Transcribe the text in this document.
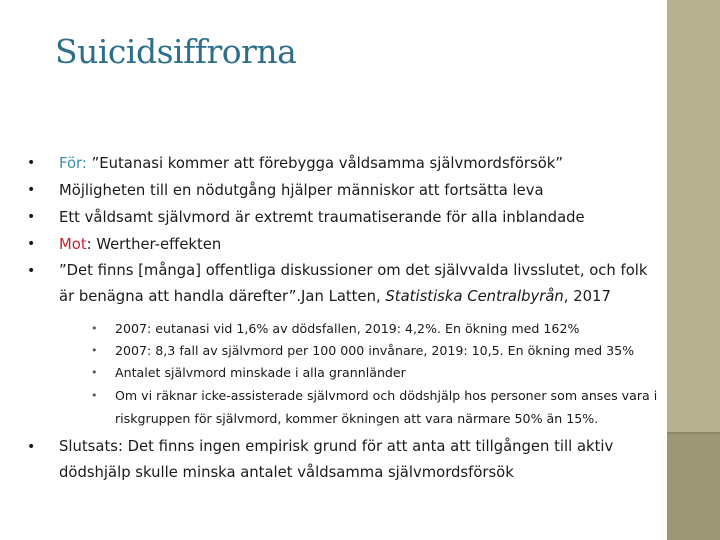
Suicidsiffrorna
• För: ”Eutanasi kommer att förebygga våldsamma självmordsförsök”
• Möjligheten till en nödutgång hjälper människor att fortsätta leva
• Ett våldsamt självmord är extremt traumatiserande för alla inblandade
• Mot: Werther-effekten
• ”Det finns [många] offentliga diskussioner om det självvalda livsslutet, och folk är benägna att handla därefter”.Jan Latten, Statistiska Centralbyrån, 2017
• 2007: eutanasi vid 1,6% av dödsfallen, 2019: 4,2%. En ökning med 162%
• 2007: 8,3 fall av självmord per 100 000 invånare, 2019: 10,5. En ökning med 35%
• Antalet självmord minskade i alla grannländer
• Om vi räknar icke-assisterade självmord och dödshjälp hos personer som anses vara i riskgruppen för självmord, kommer ökningen att vara närmare 50% än 15%.
• Slutsats: Det finns ingen empirisk grund för att anta att tillgången till aktiv dödshjälp skulle minska antalet våldsamma självmordsförsök
